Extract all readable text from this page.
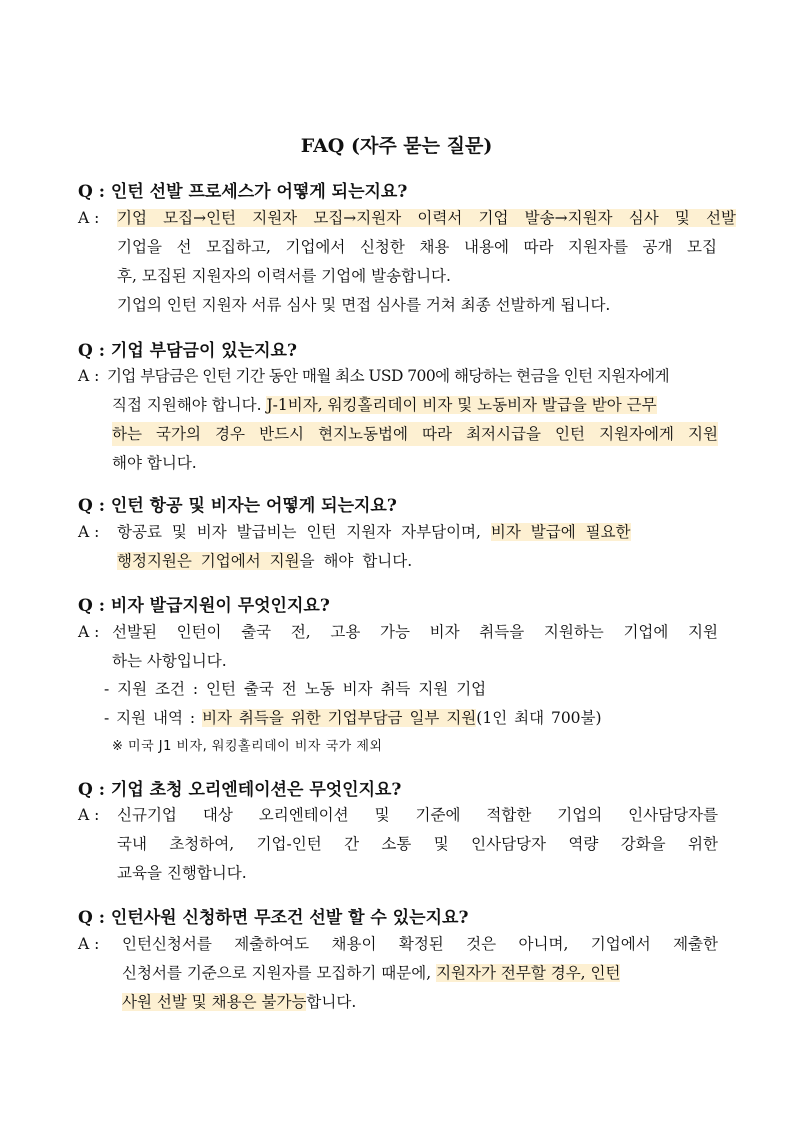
FAQ (자주 묻는 질문)
Q : 인턴 선발 프로세스가 어떻게 되는지요?
A : 기업 모집→인턴 지원자 모집→지원자 이력서 기업 발송→지원자 심사 및 선발
기업을 선 모집하고, 기업에서 신청한 채용 내용에 따라 지원자를 공개 모집
후, 모집된 지원자의 이력서를 기업에 발송합니다.
기업의 인턴 지원자 서류 심사 및 면접 심사를 거쳐 최종 선발하게 됩니다.
Q : 기업 부담금이 있는지요?
A : 기업 부담금은 인턴 기간 동안 매월 최소 USD 700에 해당하는 현금을 인턴 지원자에게
직접 지원해야 합니다. J-1비자, 워킹홀리데이 비자 및 노동비자 발급을 받아 근무
하는 국가의 경우 반드시 현지노동법에 따라 최저시급을 인턴 지원자에게 지원
해야 합니다.
Q : 인턴 항공 및 비자는 어떻게 되는지요?
A : 항공료 및 비자 발급비는 인턴 지원자 자부담이며, 비자 발급에 필요한
행정지원은 기업에서 지원을 해야 합니다.
Q : 비자 발급지원이 무엇인지요?
A : 선발된 인턴이 출국 전, 고용 가능 비자 취득을 지원하는 기업에 지원
하는 사항입니다.
- 지원 조건 : 인턴 출국 전 노동 비자 취득 지원 기업
- 지원 내역 : 비자 취득을 위한 기업부담금 일부 지원(1인 최대 700불)
※ 미국 J1 비자, 워킹홀리데이 비자 국가 제외
Q : 기업 초청 오리엔테이션은 무엇인지요?
A : 신규기업 대상 오리엔테이션 및 기준에 적합한 기업의 인사담당자를
국내 초청하여, 기업-인턴 간 소통 및 인사담당자 역량 강화을 위한
교육을 진행합니다.
Q : 인턴사원 신청하면 무조건 선발 할 수 있는지요?
A : 인턴신청서를 제출하여도 채용이 확정된 것은 아니며, 기업에서 제출한
신청서를 기준으로 지원자를 모집하기 때문에, 지원자가 전무할 경우, 인턴
사원 선발 및 채용은 불가능합니다.
